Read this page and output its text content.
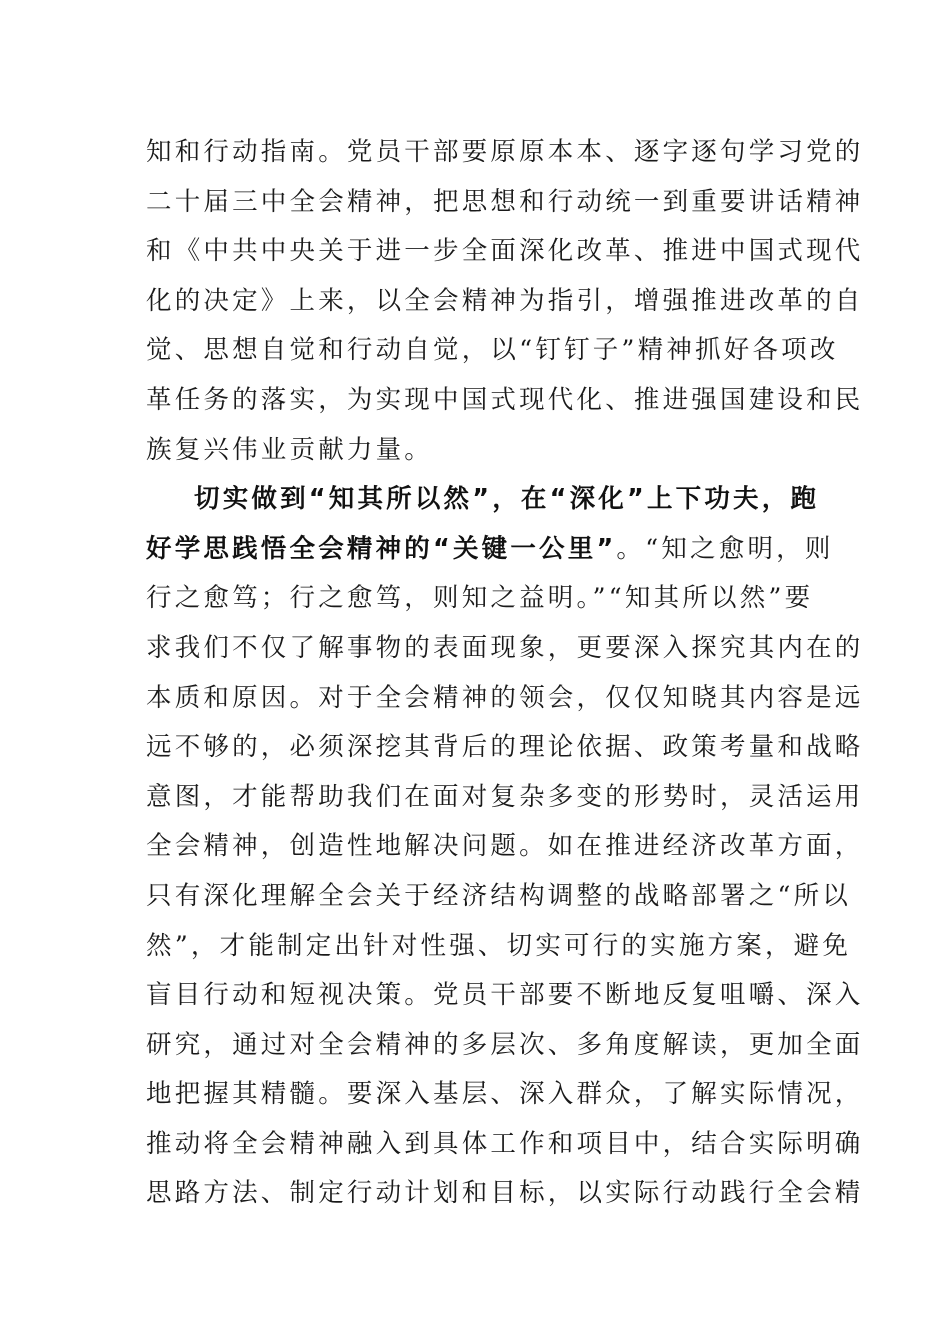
知和行动指南。党员干部要原原本本、逐字逐句学习党的
二十届三中全会精神，把思想和行动统一到重要讲话精神
和《中共中央关于进一步全面深化改革、推进中国式现代
化的决定》上来，以全会精神为指引，增强推进改革的自
觉、思想自觉和行动自觉，以“钉钉子”精神抓好各项改
革任务的落实，为实现中国式现代化、推进强国建设和民
族复兴伟业贡献力量。
切实做到“知其所以然”，在“深化”上下功夫，跑
好学思践悟全会精神的“关键一公里”。“知之愈明，则
行之愈笃；行之愈笃，则知之益明。”“知其所以然”要
求我们不仅了解事物的表面现象，更要深入探究其内在的
本质和原因。对于全会精神的领会，仅仅知晓其内容是远
远不够的，必须深挖其背后的理论依据、政策考量和战略
意图，才能帮助我们在面对复杂多变的形势时，灵活运用
全会精神，创造性地解决问题。如在推进经济改革方面，
只有深化理解全会关于经济结构调整的战略部署之“所以
然”，才能制定出针对性强、切实可行的实施方案，避免
盲目行动和短视决策。党员干部要不断地反复咀嚼、深入
研究，通过对全会精神的多层次、多角度解读，更加全面
地把握其精髓。要深入基层、深入群众，了解实际情况，
推动将全会精神融入到具体工作和项目中，结合实际明确
思路方法、制定行动计划和目标，以实际行动践行全会精
